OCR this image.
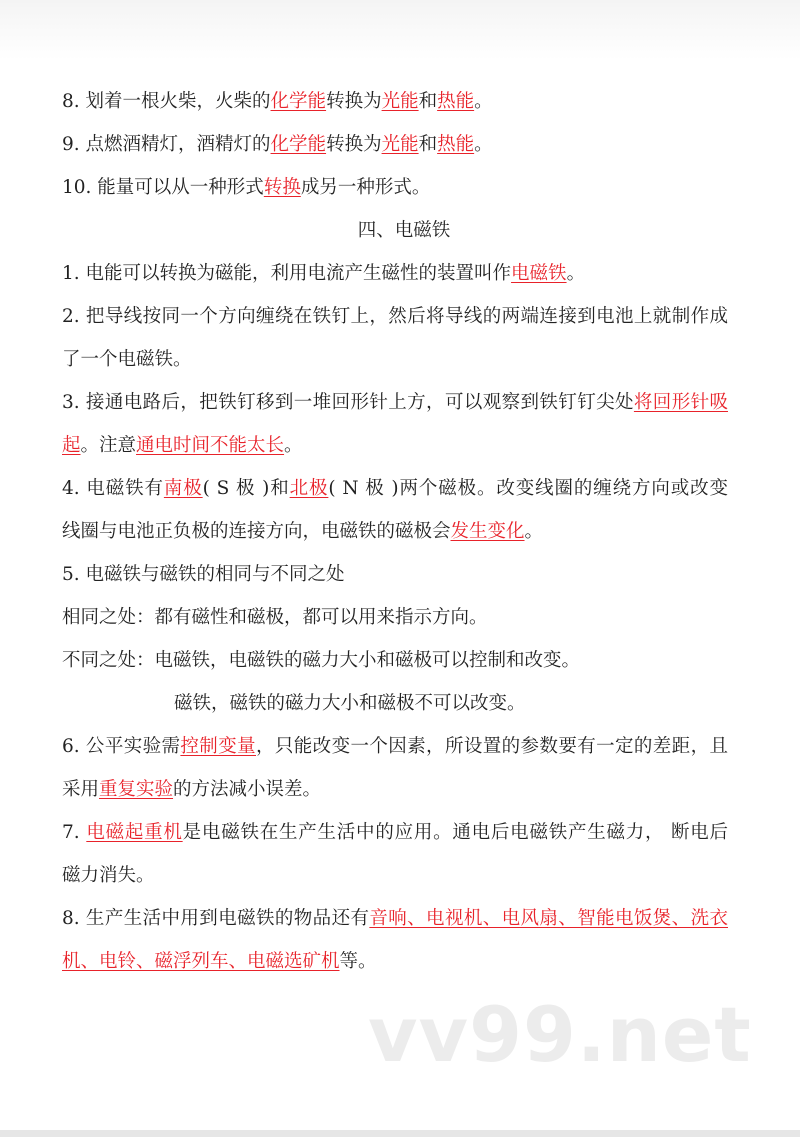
8. 划着一根火柴，火柴的化学能转换为光能和热能。
9. 点燃酒精灯，酒精灯的化学能转换为光能和热能。
10. 能量可以从一种形式转换成另一种形式。
四、电磁铁
1. 电能可以转换为磁能，利用电流产生磁性的装置叫作电磁铁。
2. 把导线按同一个方向缠绕在铁钉上，然后将导线的两端连接到电池上就制作成
了一个电磁铁。
3. 接通电路后，把铁钉移到一堆回形针上方，可以观察到铁钉钉尖处将回形针吸
起。注意通电时间不能太长。
4. 电磁铁有南极( S 极 )和北极( N 极 )两个磁极。改变线圈的缠绕方向或改变
线圈与电池正负极的连接方向，电磁铁的磁极会发生变化。
5. 电磁铁与磁铁的相同与不同之处
相同之处：都有磁性和磁极，都可以用来指示方向。
不同之处：电磁铁，电磁铁的磁力大小和磁极可以控制和改变。
磁铁，磁铁的磁力大小和磁极不可以改变。
6. 公平实验需控制变量，只能改变一个因素，所设置的参数要有一定的差距，且
采用重复实验的方法减小误差。
7. 电磁起重机是电磁铁在生产生活中的应用。通电后电磁铁产生磁力， 断电后
磁力消失。
8. 生产生活中用到电磁铁的物品还有音响、电视机、电风扇、智能电饭煲、洗衣
机、电铃、磁浮列车、电磁选矿机等。
vv99.net
